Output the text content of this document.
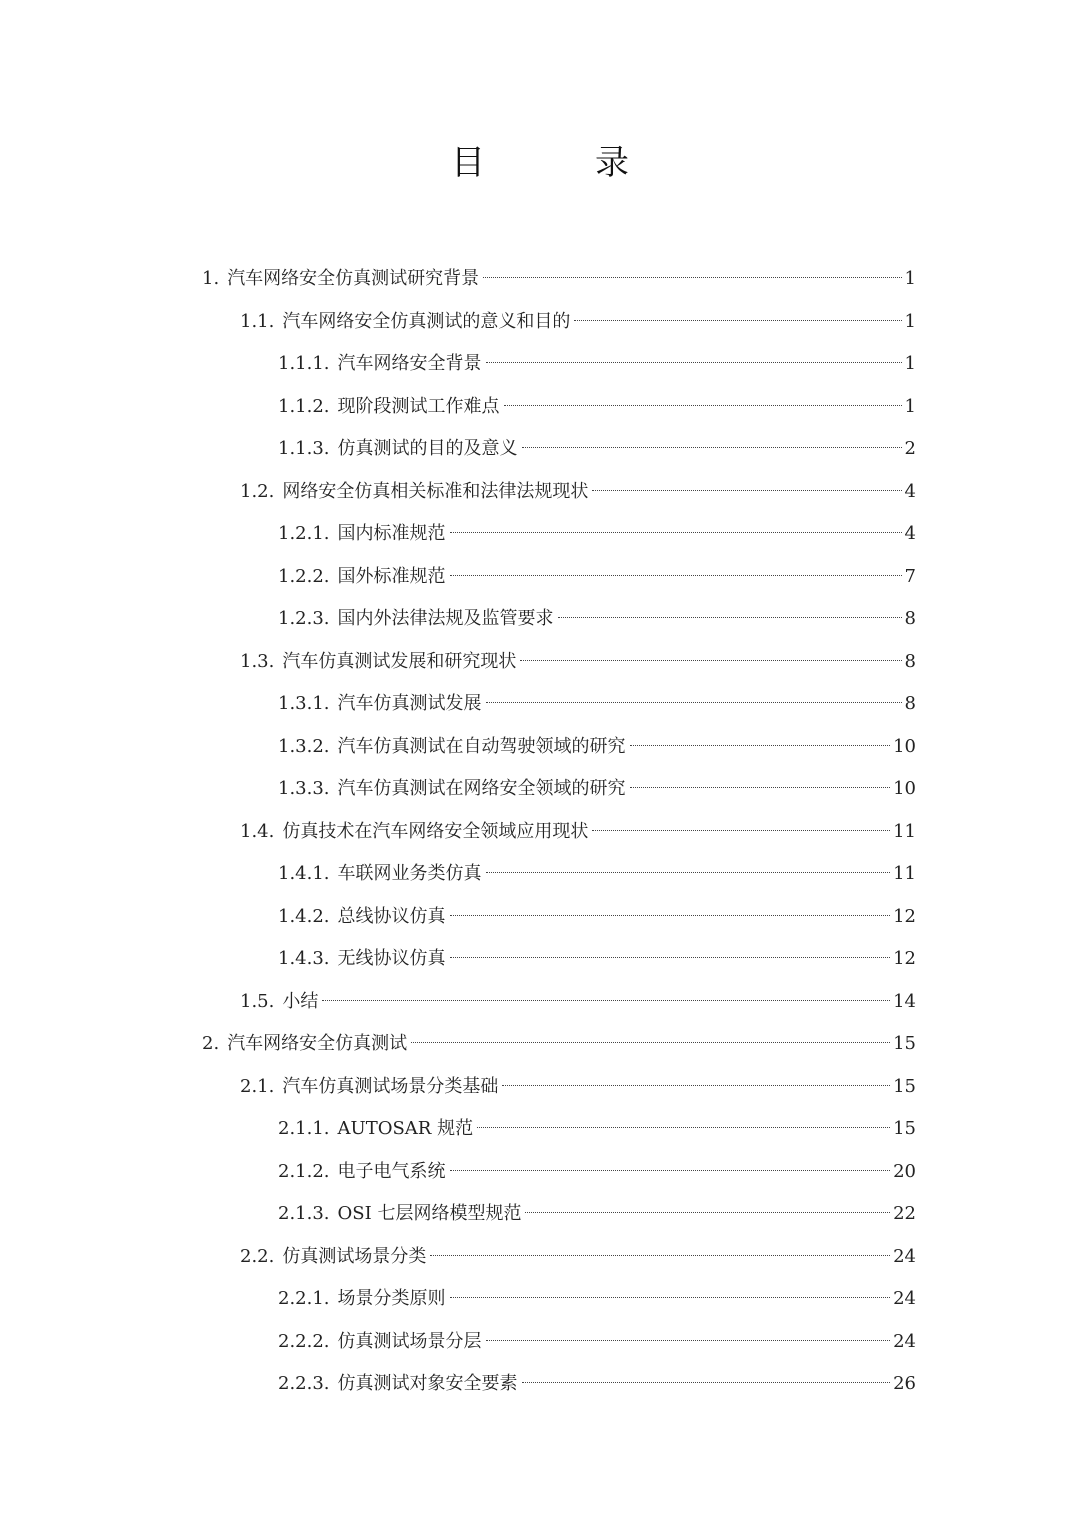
目　录
1. 汽车网络安全仿真测试研究背景	1
1.1. 汽车网络安全仿真测试的意义和目的	1
1.1.1. 汽车网络安全背景	1
1.1.2. 现阶段测试工作难点	1
1.1.3. 仿真测试的目的及意义	2
1.2. 网络安全仿真相关标准和法律法规现状	4
1.2.1. 国内标准规范	4
1.2.2. 国外标准规范	7
1.2.3. 国内外法律法规及监管要求	8
1.3. 汽车仿真测试发展和研究现状	8
1.3.1. 汽车仿真测试发展	8
1.3.2. 汽车仿真测试在自动驾驶领域的研究	10
1.3.3. 汽车仿真测试在网络安全领域的研究	10
1.4. 仿真技术在汽车网络安全领域应用现状	11
1.4.1. 车联网业务类仿真	11
1.4.2. 总线协议仿真	12
1.4.3. 无线协议仿真	12
1.5. 小结	14
2. 汽车网络安全仿真测试	15
2.1. 汽车仿真测试场景分类基础	15
2.1.1. AUTOSAR 规范	15
2.1.2. 电子电气系统	20
2.1.3. OSI 七层网络模型规范	22
2.2. 仿真测试场景分类	24
2.2.1. 场景分类原则	24
2.2.2. 仿真测试场景分层	24
2.2.3. 仿真测试对象安全要素	26
